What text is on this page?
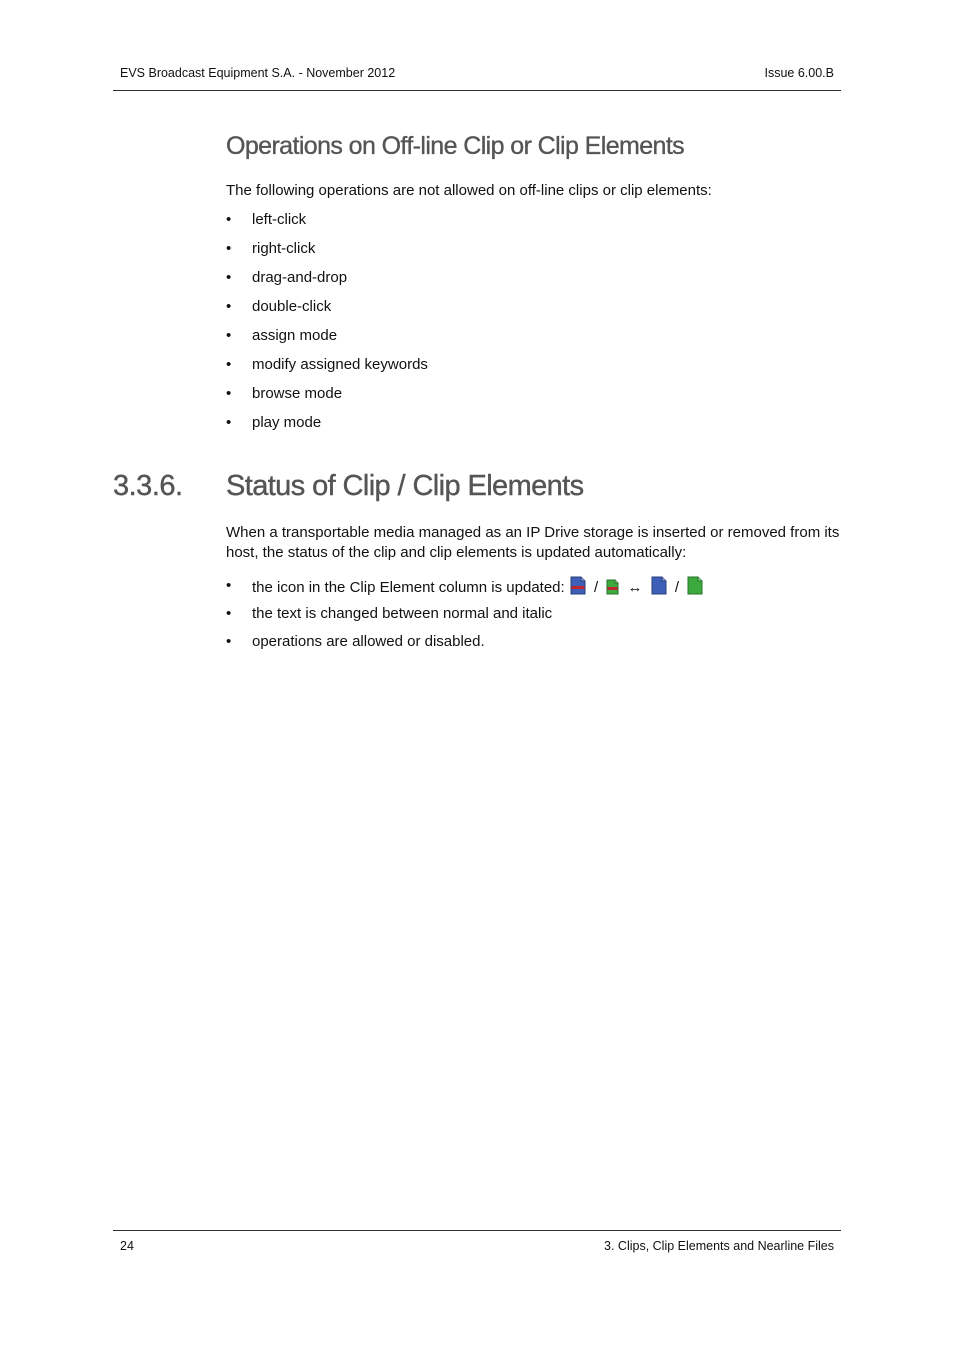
EVS Broadcast Equipment S.A. - November 2012	Issue 6.00.B
Operations on Off-line Clip or Clip Elements

The following operations are not allowed on off-line clips or clip elements:

• left-click
• right-click
• drag-and-drop
• double-click
• assign mode
• modify assigned keywords
• browse mode
• play mode
3.3.6. Status of Clip / Clip Elements

When a transportable media managed as an IP Drive storage is inserted or removed from its host, the status of the clip and clip elements is updated automatically:

• the icon in the Clip Element column is updated: / ↔ /
• the text is changed between normal and italic
• operations are allowed or disabled.
24	3. Clips, Clip Elements and Nearline Files
